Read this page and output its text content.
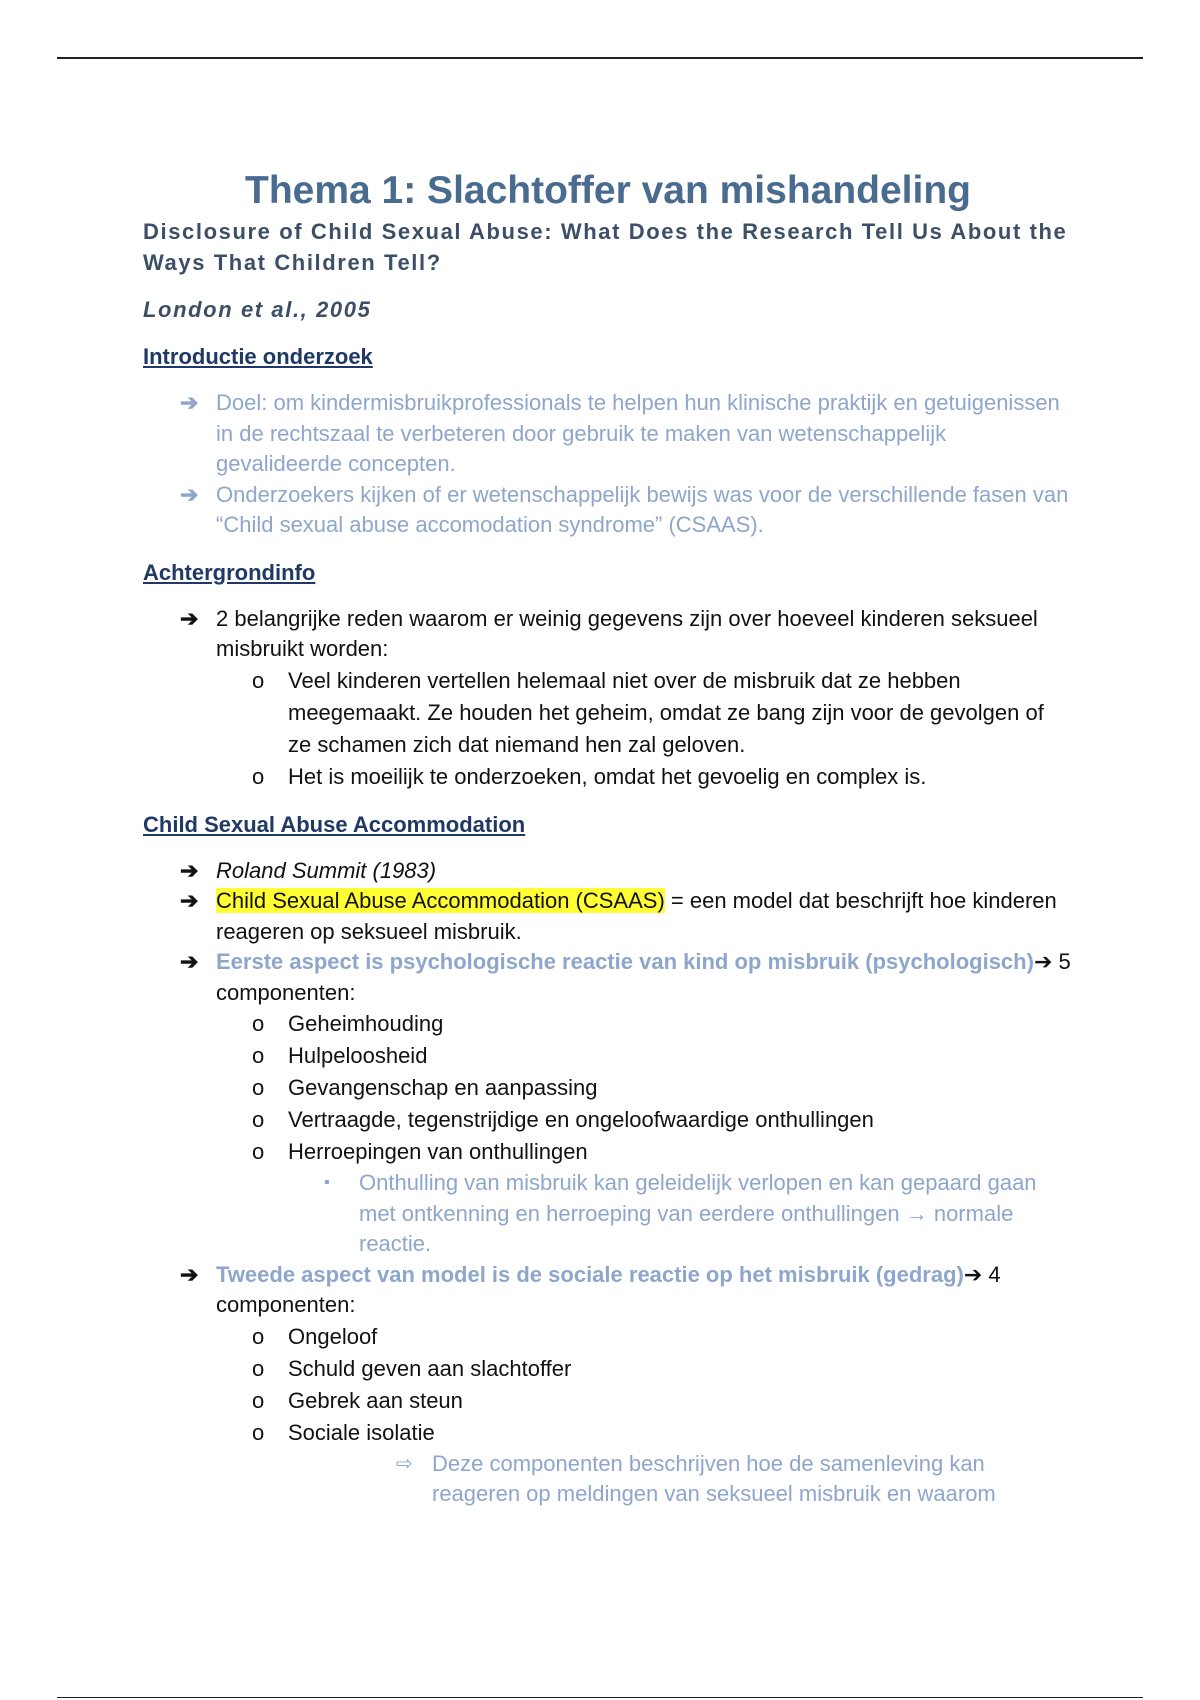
Thema 1: Slachtoffer van mishandeling

Disclosure of Child Sexual Abuse: What Does the Research Tell Us About the Ways That Children Tell?

London et al., 2005

Introductie onderzoek

➔ Doel: om kindermisbruikprofessionals te helpen hun klinische praktijk en getuigenissen in de rechtszaal te verbeteren door gebruik te maken van wetenschappelijk gevalideerde concepten.
➔ Onderzoekers kijken of er wetenschappelijk bewijs was voor de verschillende fasen van “Child sexual abuse accomodation syndrome” (CSAAS).

Achtergrondinfo

➔ 2 belangrijke reden waarom er weinig gegevens zijn over hoeveel kinderen seksueel misbruikt worden:
o Veel kinderen vertellen helemaal niet over de misbruik dat ze hebben meegemaakt. Ze houden het geheim, omdat ze bang zijn voor de gevolgen of ze schamen zich dat niemand hen zal geloven.
o Het is moeilijk te onderzoeken, omdat het gevoelig en complex is.

Child Sexual Abuse Accommodation

➔ Roland Summit (1983)
➔ Child Sexual Abuse Accommodation (CSAAS) = een model dat beschrijft hoe kinderen reageren op seksueel misbruik.
➔ Eerste aspect is psychologische reactie van kind op misbruik (psychologisch)➔ 5 componenten:
o Geheimhouding
o Hulpeloosheid
o Gevangenschap en aanpassing
o Vertraagde, tegenstrijdige en ongeloofwaardige onthullingen
o Herroepingen van onthullingen
▪ Onthulling van misbruik kan geleidelijk verlopen en kan gepaard gaan met ontkenning en herroeping van eerdere onthullingen → normale reactie.
➔ Tweede aspect van model is de sociale reactie op het misbruik (gedrag)➔ 4 componenten:
o Ongeloof
o Schuld geven aan slachtoffer
o Gebrek aan steun
o Sociale isolatie
⇨ Deze componenten beschrijven hoe de samenleving kan reageren op meldingen van seksueel misbruik en waarom
